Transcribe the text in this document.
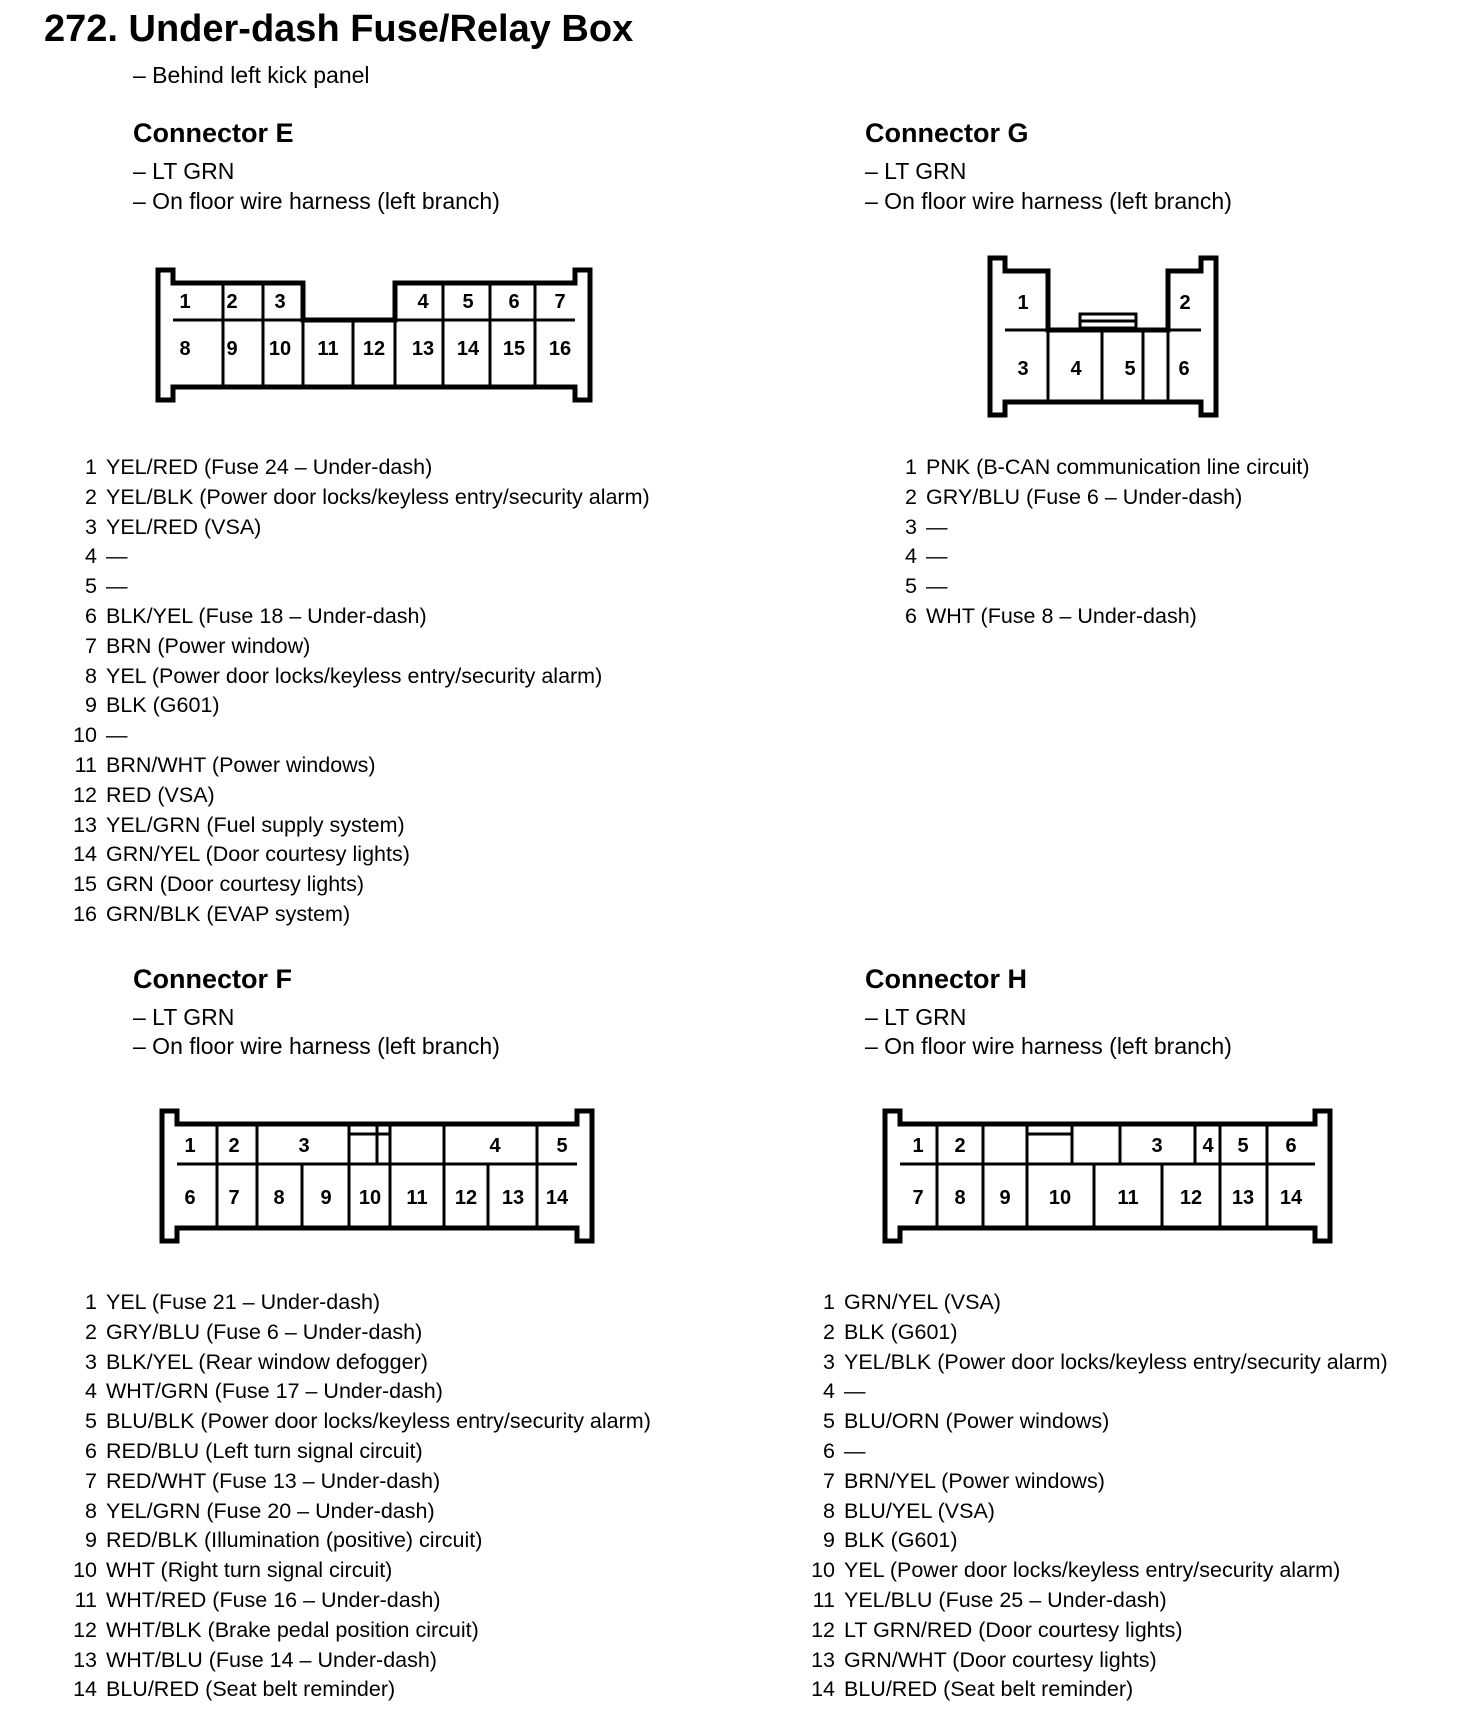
272. Under-dash Fuse/Relay Box
– Behind left kick panel
Connector E
– LT GRN
– On floor wire harness (left branch)
1 2 3	4 5 6 7
8 9 10 11 12 13 14 15 16
1 YEL/RED (Fuse 24 – Under-dash)
2 YEL/BLK (Power door locks/keyless entry/security alarm)
3 YEL/RED (VSA)
4 —
5 —
6 BLK/YEL (Fuse 18 – Under-dash)
7 BRN (Power window)
8 YEL (Power door locks/keyless entry/security alarm)
9 BLK (G601)
10 —
11 BRN/WHT (Power windows)
12 RED (VSA)
13 YEL/GRN (Fuel supply system)
14 GRN/YEL (Door courtesy lights)
15 GRN (Door courtesy lights)
16 GRN/BLK (EVAP system)
Connector G
– LT GRN
– On floor wire harness (left branch)
1	2
3 4 5 6
1 PNK (B-CAN communication line circuit)
2 GRY/BLU (Fuse 6 – Under-dash)
3 —
4 —
5 —
6 WHT (Fuse 8 – Under-dash)
Connector F
– LT GRN
– On floor wire harness (left branch)
1 2	3	4	5
6 7 8 9 10 11 12 13 14
1 YEL (Fuse 21 – Under-dash)
2 GRY/BLU (Fuse 6 – Under-dash)
3 BLK/YEL (Rear window defogger)
4 WHT/GRN (Fuse 17 – Under-dash)
5 BLU/BLK (Power door locks/keyless entry/security alarm)
6 RED/BLU (Left turn signal circuit)
7 RED/WHT (Fuse 13 – Under-dash)
8 YEL/GRN (Fuse 20 – Under-dash)
9 RED/BLK (Illumination (positive) circuit)
10 WHT (Right turn signal circuit)
11 WHT/RED (Fuse 16 – Under-dash)
12 WHT/BLK (Brake pedal position circuit)
13 WHT/BLU (Fuse 14 – Under-dash)
14 BLU/RED (Seat belt reminder)
Connector H
– LT GRN
– On floor wire harness (left branch)
1 2	3 4 5 6
7 8 9 10 11 12 13 14
1 GRN/YEL (VSA)
2 BLK (G601)
3 YEL/BLK (Power door locks/keyless entry/security alarm)
4 —
5 BLU/ORN (Power windows)
6 —
7 BRN/YEL (Power windows)
8 BLU/YEL (VSA)
9 BLK (G601)
10 YEL (Power door locks/keyless entry/security alarm)
11 YEL/BLU (Fuse 25 – Under-dash)
12 LT GRN/RED (Door courtesy lights)
13 GRN/WHT (Door courtesy lights)
14 BLU/RED (Seat belt reminder)
